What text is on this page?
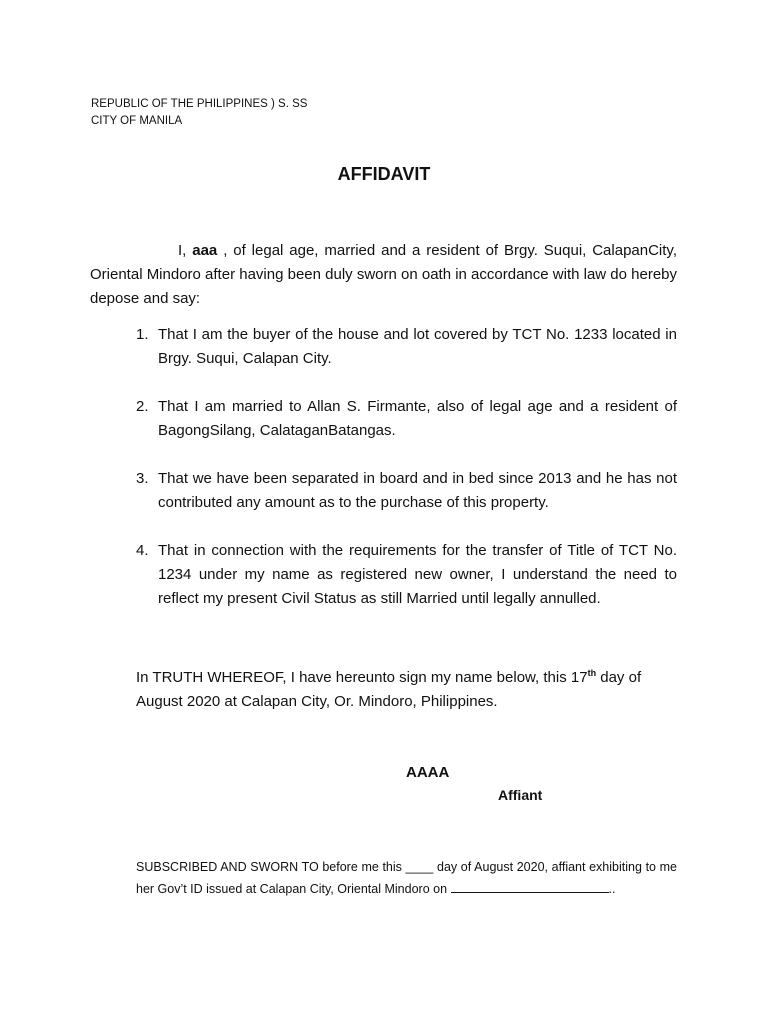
REPUBLIC OF THE PHILIPPINES ) S. SS
CITY OF MANILA
AFFIDAVIT
I, aaa , of legal age, married and a resident of Brgy. Suqui, CalapanCity, Oriental Mindoro after having been duly sworn on oath in accordance with law do hereby depose and say:
1. That I am the buyer of the house and lot covered by TCT No. 1233 located in Brgy. Suqui, Calapan City.
2. That I am married to Allan S. Firmante, also of legal age and a resident of BagongSilang, CalataganBatangas.
3. That we have been separated in board and in bed since 2013 and he has not contributed any amount as to the purchase of this property.
4. That in connection with the requirements for the transfer of Title of TCT No. 1234 under my name as registered new owner, I understand the need to reflect my present Civil Status as still Married until legally annulled.
In TRUTH WHEREOF, I have hereunto sign my name below, this 17th day of August 2020 at Calapan City, Or. Mindoro, Philippines.
AAAA
Affiant
SUBSCRIBED AND SWORN TO before me this ____ day of August 2020, affiant exhibiting to me her Gov’t ID issued at Calapan City, Oriental Mindoro on	..
